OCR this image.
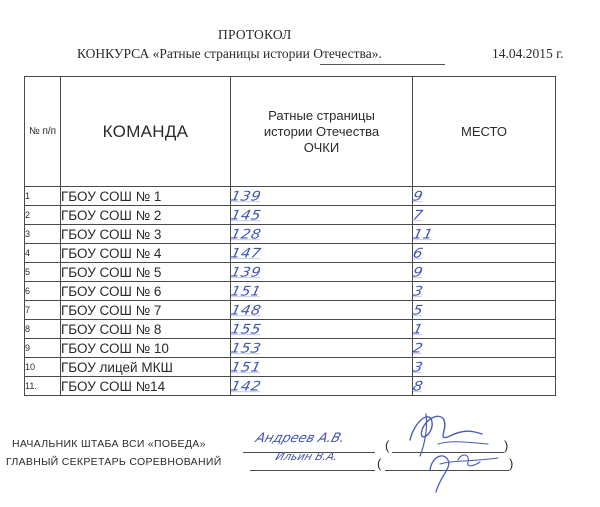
ПРОТОКОЛ
КОНКУРСА «Ратные страницы истории Отечества».	14.04.2015 г.
№ п/п	КОМАНДА	Ратные страницы
истории Отечества
ОЧКИ	МЕСТО
1	ГБОУ СОШ № 1	139	9
2	ГБОУ СОШ № 2	145	7
3	ГБОУ СОШ № 3	128	11
4	ГБОУ СОШ № 4	147	6
5	ГБОУ СОШ № 5	139	9
6	ГБОУ СОШ № 6	151	3
7	ГБОУ СОШ № 7	148	5
8	ГБОУ СОШ № 8	155	1
9	ГБОУ СОШ № 10	153	2
10	ГБОУ лицей МКШ	151	3
11.	ГБОУ СОШ №14	142	8
НАЧАЛЬНИК ШТАБА ВСИ «ПОБЕДА»
ГЛАВНЫЙ СЕКРЕТАРЬ СОРЕВНОВАНИЙ
(	)
(	)
Андреев А.В.
Ильин В.А.
